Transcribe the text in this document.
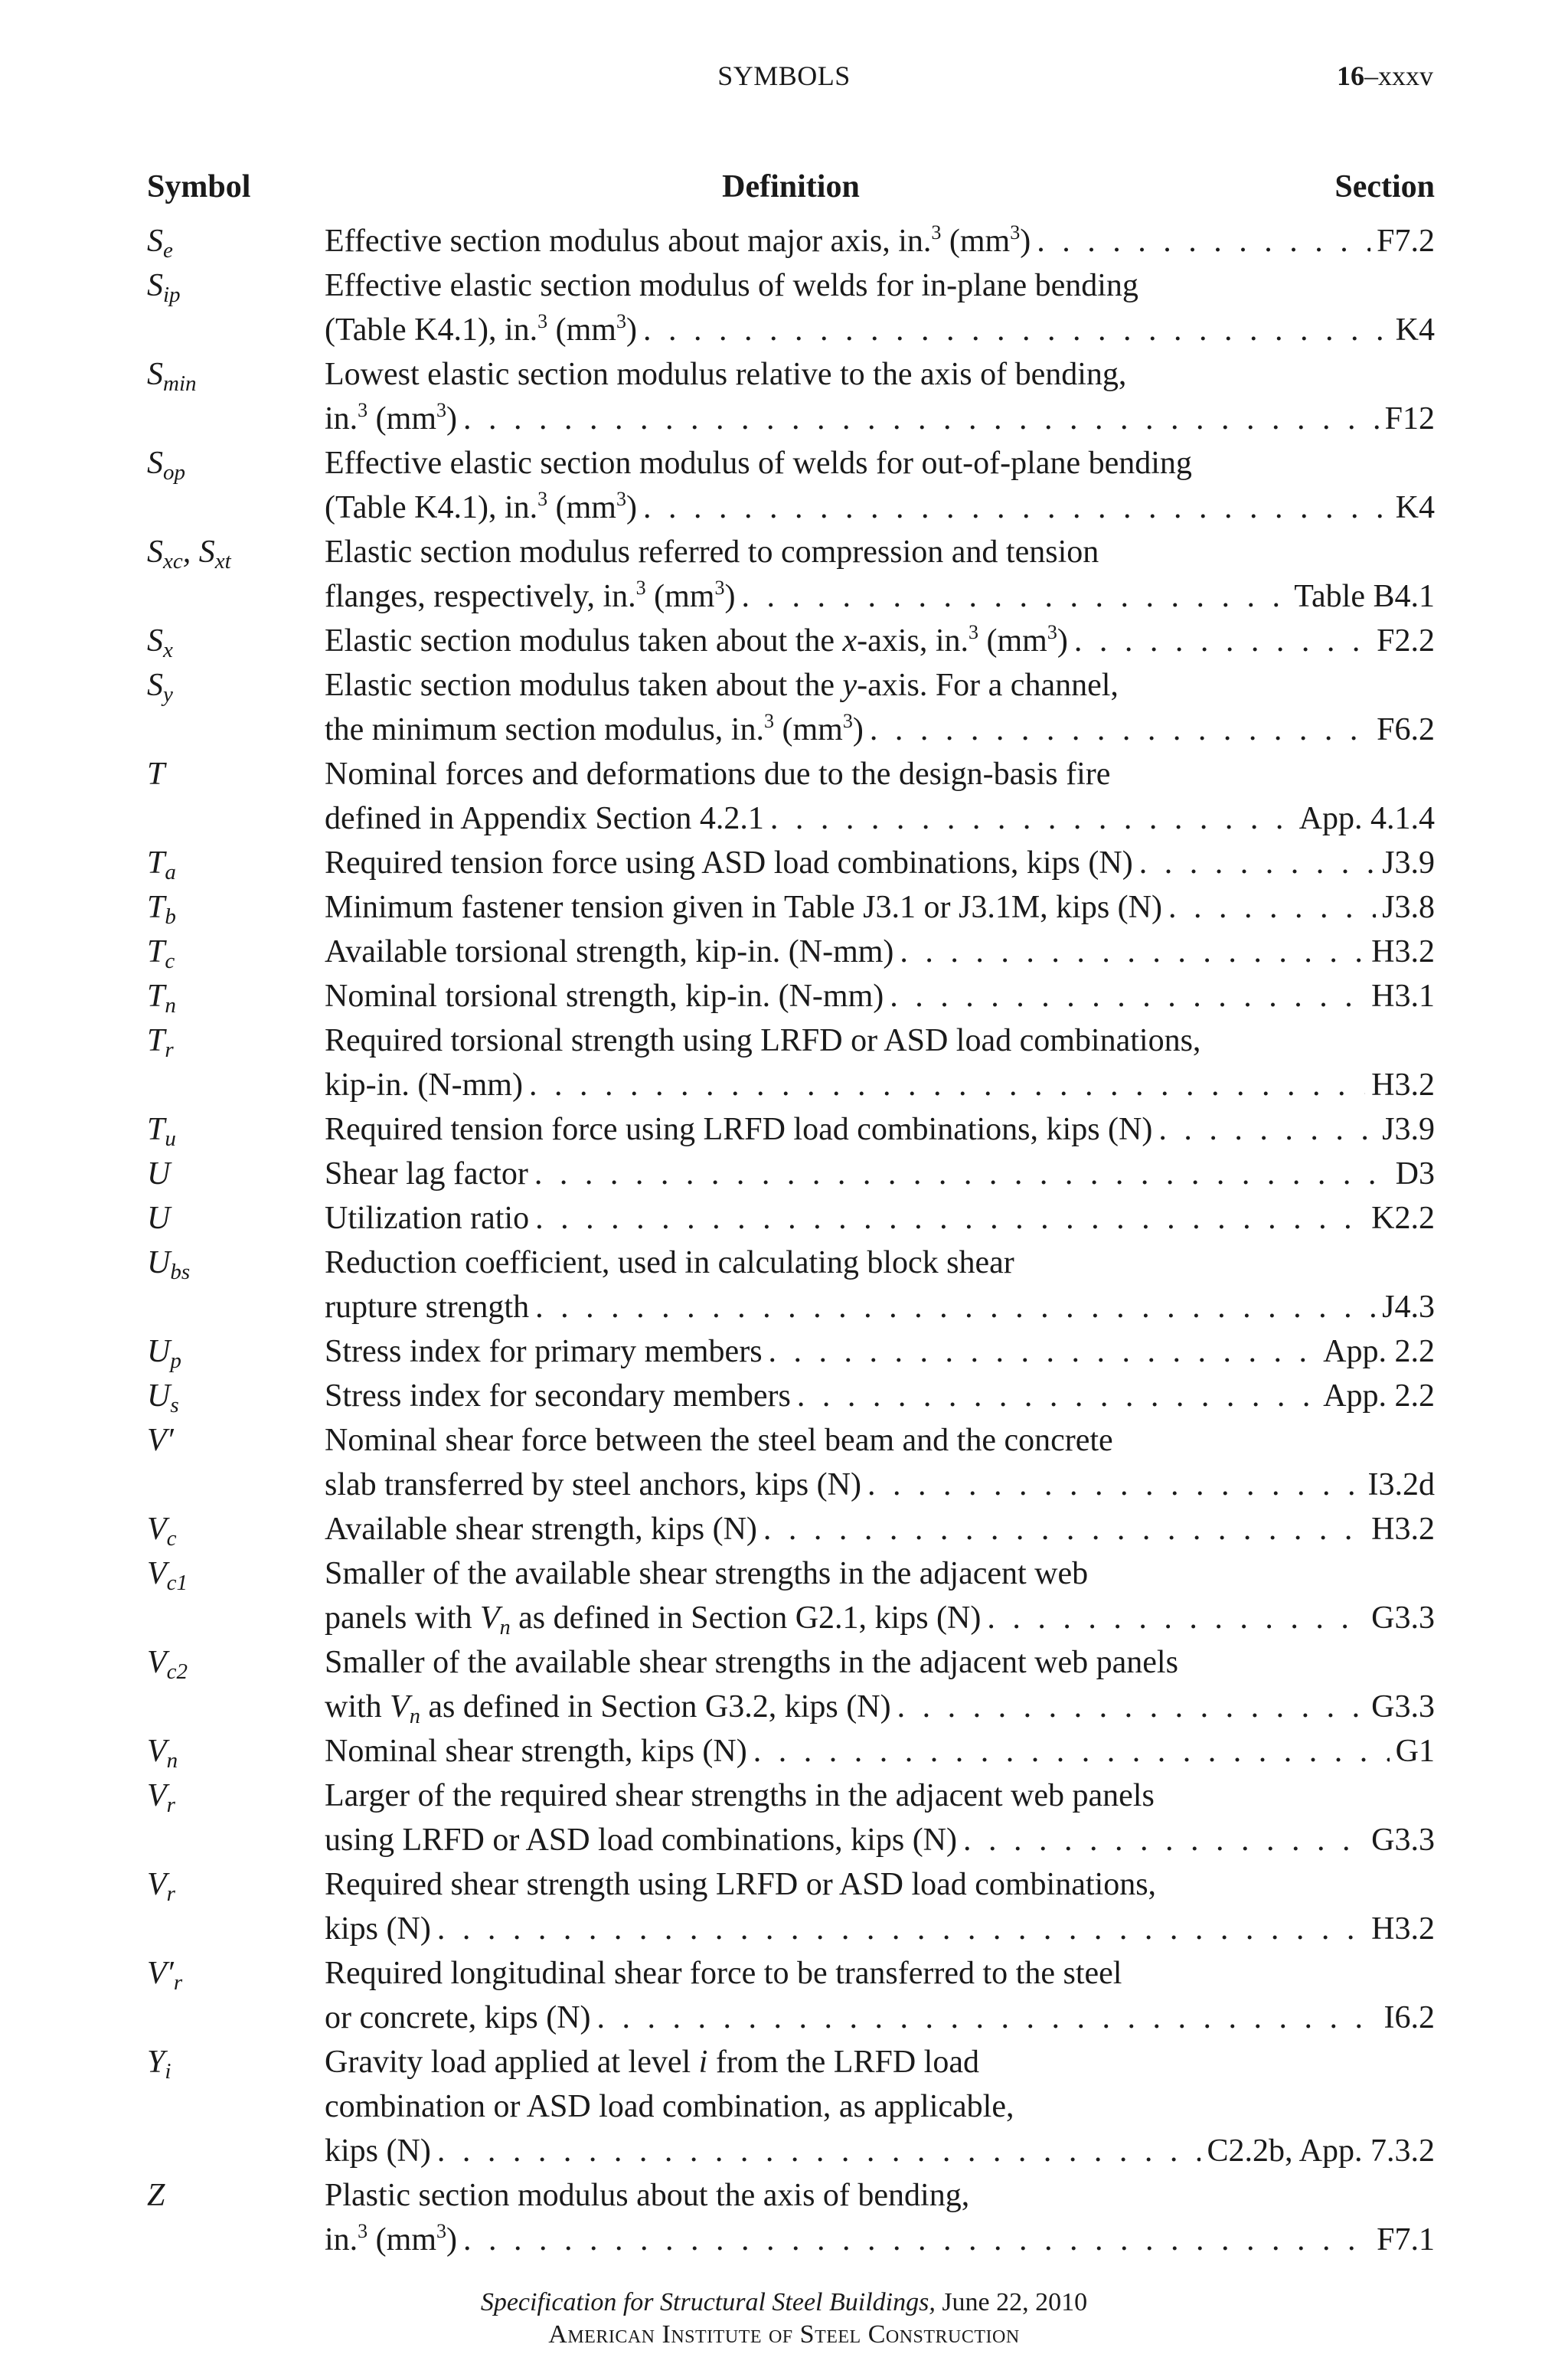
SYMBOLS	16–xxxv
Symbol	Definition	Section
$S_e$	Effective section modulus about major axis, in.$^3$ $(mm^3)$ . . .	F7.2
$S_{ip}$	Effective elastic section modulus of welds for in-plane bending
(Table K4.1), in.$^3$ $(mm^3)$ . . .	K4
$S_{min}$	Lowest elastic section modulus relative to the axis of bending,
in.$^3$ $(mm^3)$ . . .	F12
$S_{op}$	Effective elastic section modulus of welds for out-of-plane bending
(Table K4.1), in.$^3$ $(mm^3)$ . . .	K4
$S_{xc}$, $S_{xt}$	Elastic section modulus referred to compression and tension
flanges, respectively, in.$^3$ $(mm^3)$ . . .	Table B4.1
$S_x$	Elastic section modulus taken about the x-axis, in.$^3$ $(mm^3)$ . . .	F2.2
$S_y$	Elastic section modulus taken about the y-axis. For a channel,
the minimum section modulus, in.$^3$ $(mm^3)$ . . .	F6.2
T	Nominal forces and deformations due to the design-basis fire
defined in Appendix Section 4.2.1 . . .	App. 4.1.4
$T_a$	Required tension force using ASD load combinations, kips (N) . . .	J3.9
$T_b$	Minimum fastener tension given in Table J3.1 or J3.1M, kips (N) . . .	J3.8
$T_c$	Available torsional strength, kip-in. (N-mm) . . .	H3.2
$T_n$	Nominal torsional strength, kip-in. (N-mm) . . .	H3.1
$T_r$	Required torsional strength using LRFD or ASD load combinations,
kip-in. (N-mm) . . .	H3.2
$T_u$	Required tension force using LRFD load combinations, kips (N) . . .	J3.9
U	Shear lag factor . . .	D3
U	Utilization ratio . . .	K2.2
$U_{bs}$	Reduction coefficient, used in calculating block shear
rupture strength . . .	J4.3
$U_p$	Stress index for primary members . . .	App. 2.2
$U_s$	Stress index for secondary members . . .	App. 2.2
V′	Nominal shear force between the steel beam and the concrete
slab transferred by steel anchors, kips (N) . . .	I3.2d
$V_c$	Available shear strength, kips (N) . . .	H3.2
$V_{c1}$	Smaller of the available shear strengths in the adjacent web
panels with $V_n$ as defined in Section G2.1, kips (N) . . .	G3.3
$V_{c2}$	Smaller of the available shear strengths in the adjacent web panels
with $V_n$ as defined in Section G3.2, kips (N) . . .	G3.3
$V_n$	Nominal shear strength, kips (N) . . .	G1
$V_r$	Larger of the required shear strengths in the adjacent web panels
using LRFD or ASD load combinations, kips (N) . . .	G3.3
$V_r$	Required shear strength using LRFD or ASD load combinations,
kips (N) . . .	H3.2
$V'_r$	Required longitudinal shear force to be transferred to the steel
or concrete, kips (N) . . .	I6.2
$Y_i$	Gravity load applied at level i from the LRFD load
combination or ASD load combination, as applicable,
kips (N) . . .	C2.2b, App. 7.3.2
Z	Plastic section modulus about the axis of bending,
in.$^3$ $(mm^3)$ . . .	F7.1
Specification for Structural Steel Buildings, June 22, 2010
American Institute of Steel Construction
